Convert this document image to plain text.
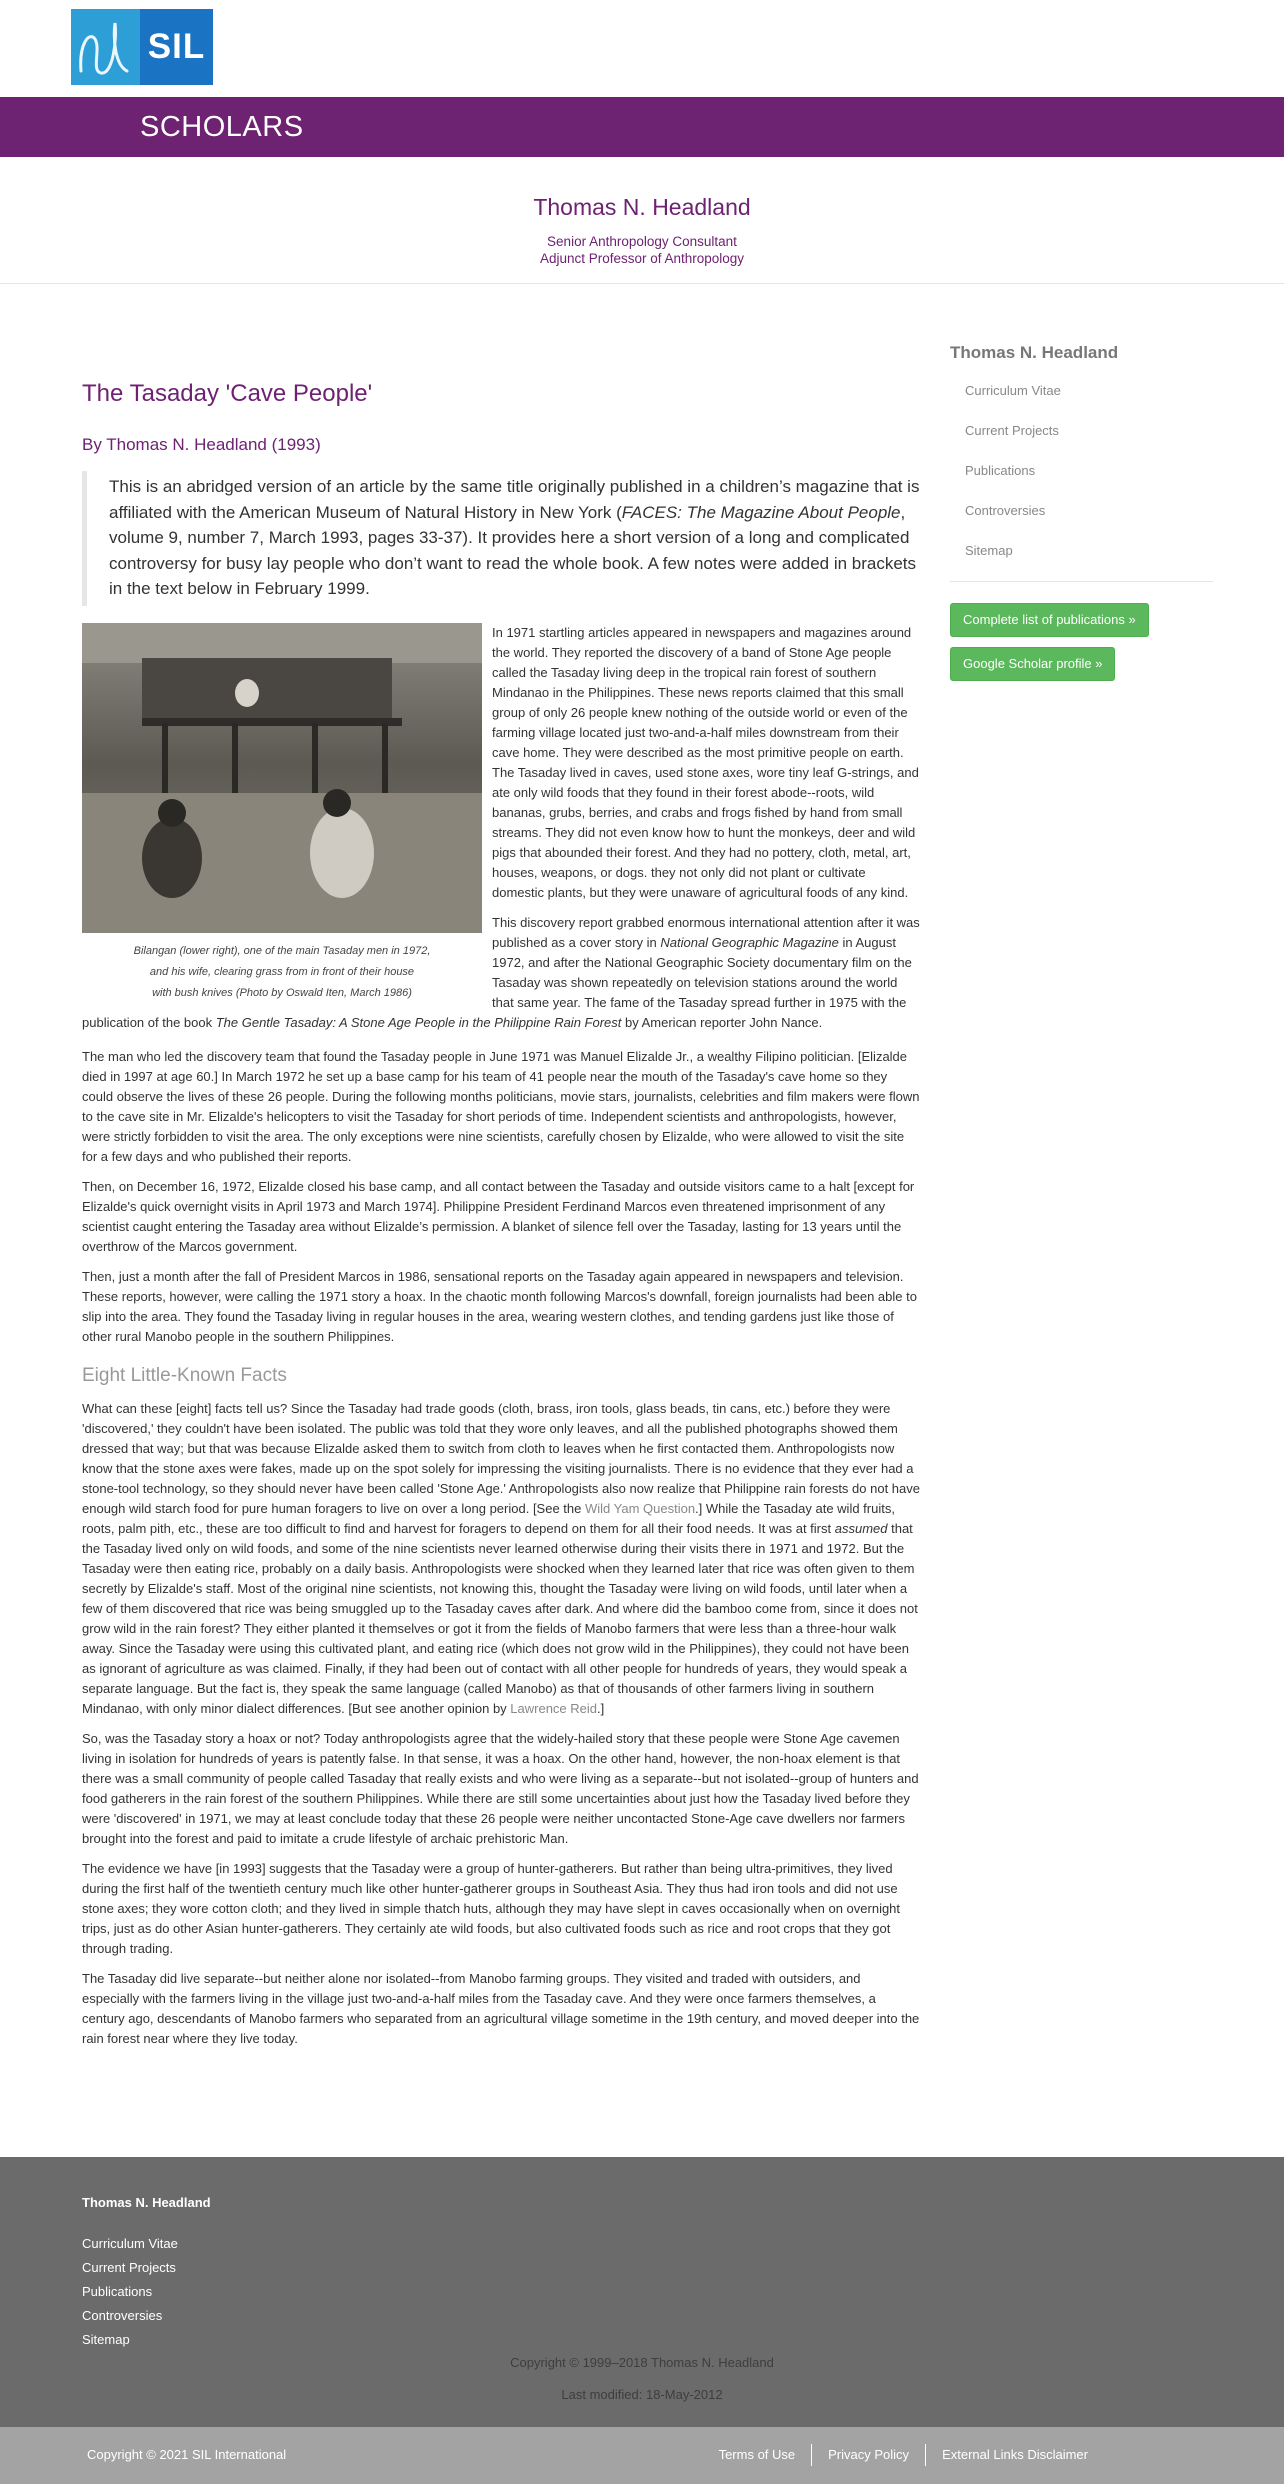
SIL
SCHOLARS
Thomas N. Headland
Senior Anthropology Consultant
Adjunct Professor of Anthropology
The Tasaday 'Cave People'
By Thomas N. Headland (1993)
This is an abridged version of an article by the same title originally published in a children’s magazine that is affiliated with the American Museum of Natural History in New York (FACES: The Magazine About People, volume 9, number 7, March 1993, pages 33-37). It provides here a short version of a long and complicated controversy for busy lay people who don’t want to read the whole book. A few notes were added in brackets in the text below in February 1999.
Bilangan (lower right), one of the main Tasaday men in 1972,
and his wife, clearing grass from in front of their house
with bush knives (Photo by Oswald Iten, March 1986)

In 1971 startling articles appeared in newspapers and magazines around the world. They reported the discovery of a band of Stone Age people called the Tasaday living deep in the tropical rain forest of southern Mindanao in the Philippines. These news reports claimed that this small group of only 26 people knew nothing of the outside world or even of the farming village located just two-and-a-half miles downstream from their cave home. They were described as the most primitive people on earth. The Tasaday lived in caves, used stone axes, wore tiny leaf G-strings, and ate only wild foods that they found in their forest abode--roots, wild bananas, grubs, berries, and crabs and frogs fished by hand from small streams. They did not even know how to hunt the monkeys, deer and wild pigs that abounded their forest. And they had no pottery, cloth, metal, art, houses, weapons, or dogs. they not only did not plant or cultivate domestic plants, but they were unaware of agricultural foods of any kind.

This discovery report grabbed enormous international attention after it was published as a cover story in National Geographic Magazine in August 1972, and after the National Geographic Society documentary film on the Tasaday was shown repeatedly on television stations around the world that same year. The fame of the Tasaday spread further in 1975 with the publication of the book The Gentle Tasaday: A Stone Age People in the Philippine Rain Forest by American reporter John Nance.

The man who led the discovery team that found the Tasaday people in June 1971 was Manuel Elizalde Jr., a wealthy Filipino politician. [Elizalde died in 1997 at age 60.] In March 1972 he set up a base camp for his team of 41 people near the mouth of the Tasaday's cave home so they could observe the lives of these 26 people. During the following months politicians, movie stars, journalists, celebrities and film makers were flown to the cave site in Mr. Elizalde's helicopters to visit the Tasaday for short periods of time. Independent scientists and anthropologists, however, were strictly forbidden to visit the area. The only exceptions were nine scientists, carefully chosen by Elizalde, who were allowed to visit the site for a few days and who published their reports.

Then, on December 16, 1972, Elizalde closed his base camp, and all contact between the Tasaday and outside visitors came to a halt [except for Elizalde's quick overnight visits in April 1973 and March 1974]. Philippine President Ferdinand Marcos even threatened imprisonment of any scientist caught entering the Tasaday area without Elizalde’s permission. A blanket of silence fell over the Tasaday, lasting for 13 years until the overthrow of the Marcos government.

Then, just a month after the fall of President Marcos in 1986, sensational reports on the Tasaday again appeared in newspapers and television. These reports, however, were calling the 1971 story a hoax. In the chaotic month following Marcos's downfall, foreign journalists had been able to slip into the area. They found the Tasaday living in regular houses in the area, wearing western clothes, and tending gardens just like those of other rural Manobo people in the southern Philippines.

Eight Little-Known Facts

What can these [eight] facts tell us? Since the Tasaday had trade goods (cloth, brass, iron tools, glass beads, tin cans, etc.) before they were 'discovered,' they couldn't have been isolated. The public was told that they wore only leaves, and all the published photographs showed them dressed that way; but that was because Elizalde asked them to switch from cloth to leaves when he first contacted them. Anthropologists now know that the stone axes were fakes, made up on the spot solely for impressing the visiting journalists. There is no evidence that they ever had a stone-tool technology, so they should never have been called 'Stone Age.' Anthropologists also now realize that Philippine rain forests do not have enough wild starch food for pure human foragers to live on over a long period. [See the Wild Yam Question.] While the Tasaday ate wild fruits, roots, palm pith, etc., these are too difficult to find and harvest for foragers to depend on them for all their food needs. It was at first assumed that the Tasaday lived only on wild foods, and some of the nine scientists never learned otherwise during their visits there in 1971 and 1972. But the Tasaday were then eating rice, probably on a daily basis. Anthropologists were shocked when they learned later that rice was often given to them secretly by Elizalde's staff. Most of the original nine scientists, not knowing this, thought the Tasaday were living on wild foods, until later when a few of them discovered that rice was being smuggled up to the Tasaday caves after dark. And where did the bamboo come from, since it does not grow wild in the rain forest? They either planted it themselves or got it from the fields of Manobo farmers that were less than a three-hour walk away. Since the Tasaday were using this cultivated plant, and eating rice (which does not grow wild in the Philippines), they could not have been as ignorant of agriculture as was claimed. Finally, if they had been out of contact with all other people for hundreds of years, they would speak a separate language. But the fact is, they speak the same language (called Manobo) as that of thousands of other farmers living in southern Mindanao, with only minor dialect differences. [But see another opinion by Lawrence Reid.]

So, was the Tasaday story a hoax or not? Today anthropologists agree that the widely-hailed story that these people were Stone Age cavemen living in isolation for hundreds of years is patently false. In that sense, it was a hoax. On the other hand, however, the non-hoax element is that there was a small community of people called Tasaday that really exists and who were living as a separate--but not isolated--group of hunters and food gatherers in the rain forest of the southern Philippines. While there are still some uncertainties about just how the Tasaday lived before they were 'discovered' in 1971, we may at least conclude today that these 26 people were neither uncontacted Stone-Age cave dwellers nor farmers brought into the forest and paid to imitate a crude lifestyle of archaic prehistoric Man.

The evidence we have [in 1993] suggests that the Tasaday were a group of hunter-gatherers. But rather than being ultra-primitives, they lived during the first half of the twentieth century much like other hunter-gatherer groups in Southeast Asia. They thus had iron tools and did not use stone axes; they wore cotton cloth; and they lived in simple thatch huts, although they may have slept in caves occasionally when on overnight trips, just as do other Asian hunter-gatherers. They certainly ate wild foods, but also cultivated foods such as rice and root crops that they got through trading.

The Tasaday did live separate--but neither alone nor isolated--from Manobo farming groups. They visited and traded with outsiders, and especially with the farmers living in the village just two-and-a-half miles from the Tasaday cave. And they were once farmers themselves, a century ago, descendants of Manobo farmers who separated from an agricultural village sometime in the 19th century, and moved deeper into the rain forest near where they live today.

Thomas N. Headland
Curriculum Vitae
Current Projects
Publications
Controversies
Sitemap
Complete list of publications »
Google Scholar profile »
Thomas N. Headland
Curriculum Vitae
Current Projects
Publications
Controversies
Sitemap
Copyright © 1999–2018 Thomas N. Headland
Last modified: 18-May-2012
Copyright © 2021 SIL International	Terms of Use	Privacy Policy	External Links Disclaimer
